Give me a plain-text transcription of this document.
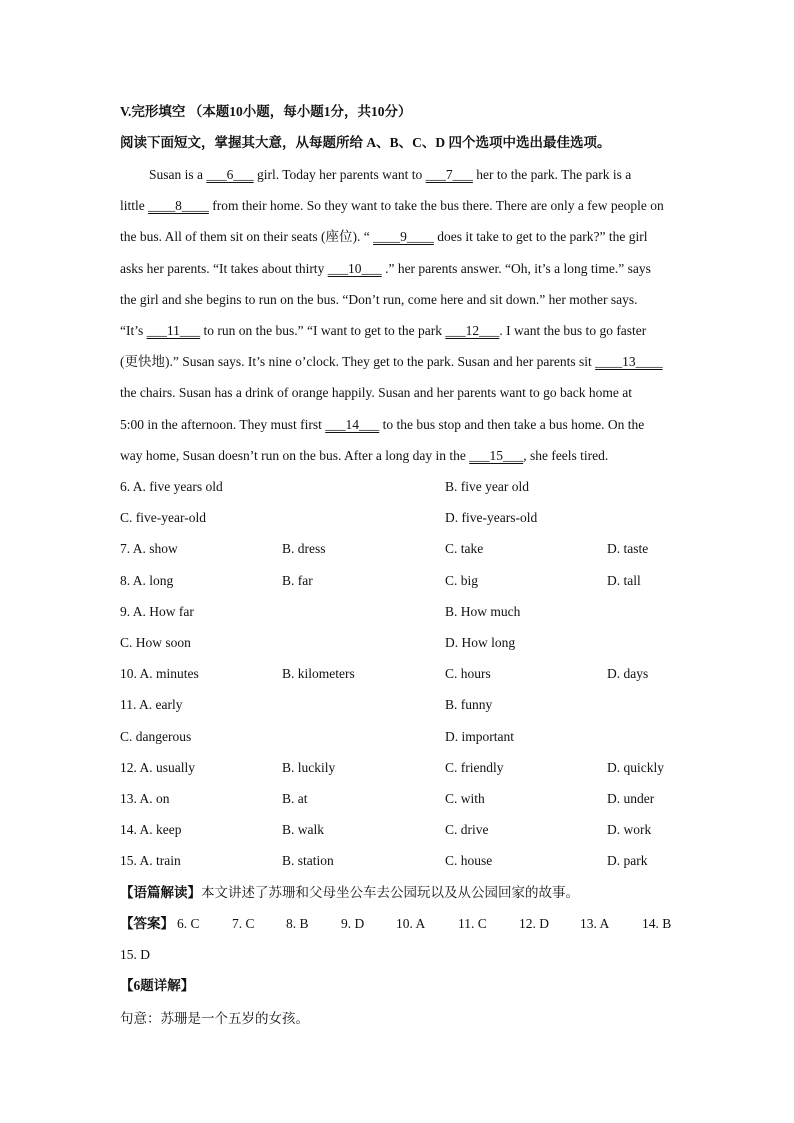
V.完形填空 （本题10小题，每小题1分，共10分）
阅读下面短文，掌握其大意，从每题所给 A、B、C、D 四个选项中选出最佳选项。
Susan is a ___6___ girl. Today her parents want to ___7___ her to the park. The park is a
little ____8____ from their home. So they want to take the bus there. There are only a few people on
the bus. All of them sit on their seats (座位). “ ____9____ does it take to get to the park?” the girl
asks her parents. “It takes about thirty ___10___ .” her parents answer. “Oh, it’s a long time.” says
the girl and she begins to run on the bus. “Don’t run, come here and sit down.” her mother says.
“It’s ___11___ to run on the bus.” “I want to get to the park ___12___. I want the bus to go faster
(更快地).” Susan says. It’s nine o’clock. They get to the park. Susan and her parents sit ____13____
the chairs. Susan has a drink of orange happily. Susan and her parents want to go back home at
5:00 in the afternoon. They must first ___14___ to the bus stop and then take a bus home. On the
way home, Susan doesn’t run on the bus. After a long day in the ___15___, she feels tired.
6. A. five years old	B. five year old
C. five-year-old	D. five-years-old
7. A. show	B. dress	C. take	D. taste
8. A. long	B. far	C. big	D. tall
9. A. How far	B. How much
C. How soon	D. How long
10. A. minutes	B. kilometers	C. hours	D. days
11. A. early	B. funny
C. dangerous	D. important
12. A. usually	B. luckily	C. friendly	D. quickly
13. A. on	B. at	C. with	D. under
14. A. keep	B. walk	C. drive	D. work
15. A. train	B. station	C. house	D. park
【语篇解读】本文讲述了苏珊和父母坐公车去公园玩以及从公园回家的故事。
【答案】 6. C 7. C 8. B 9. D 10. A 11. C 12. D 13. A 14. B
15. D
【6题详解】
句意：苏珊是一个五岁的女孩。
